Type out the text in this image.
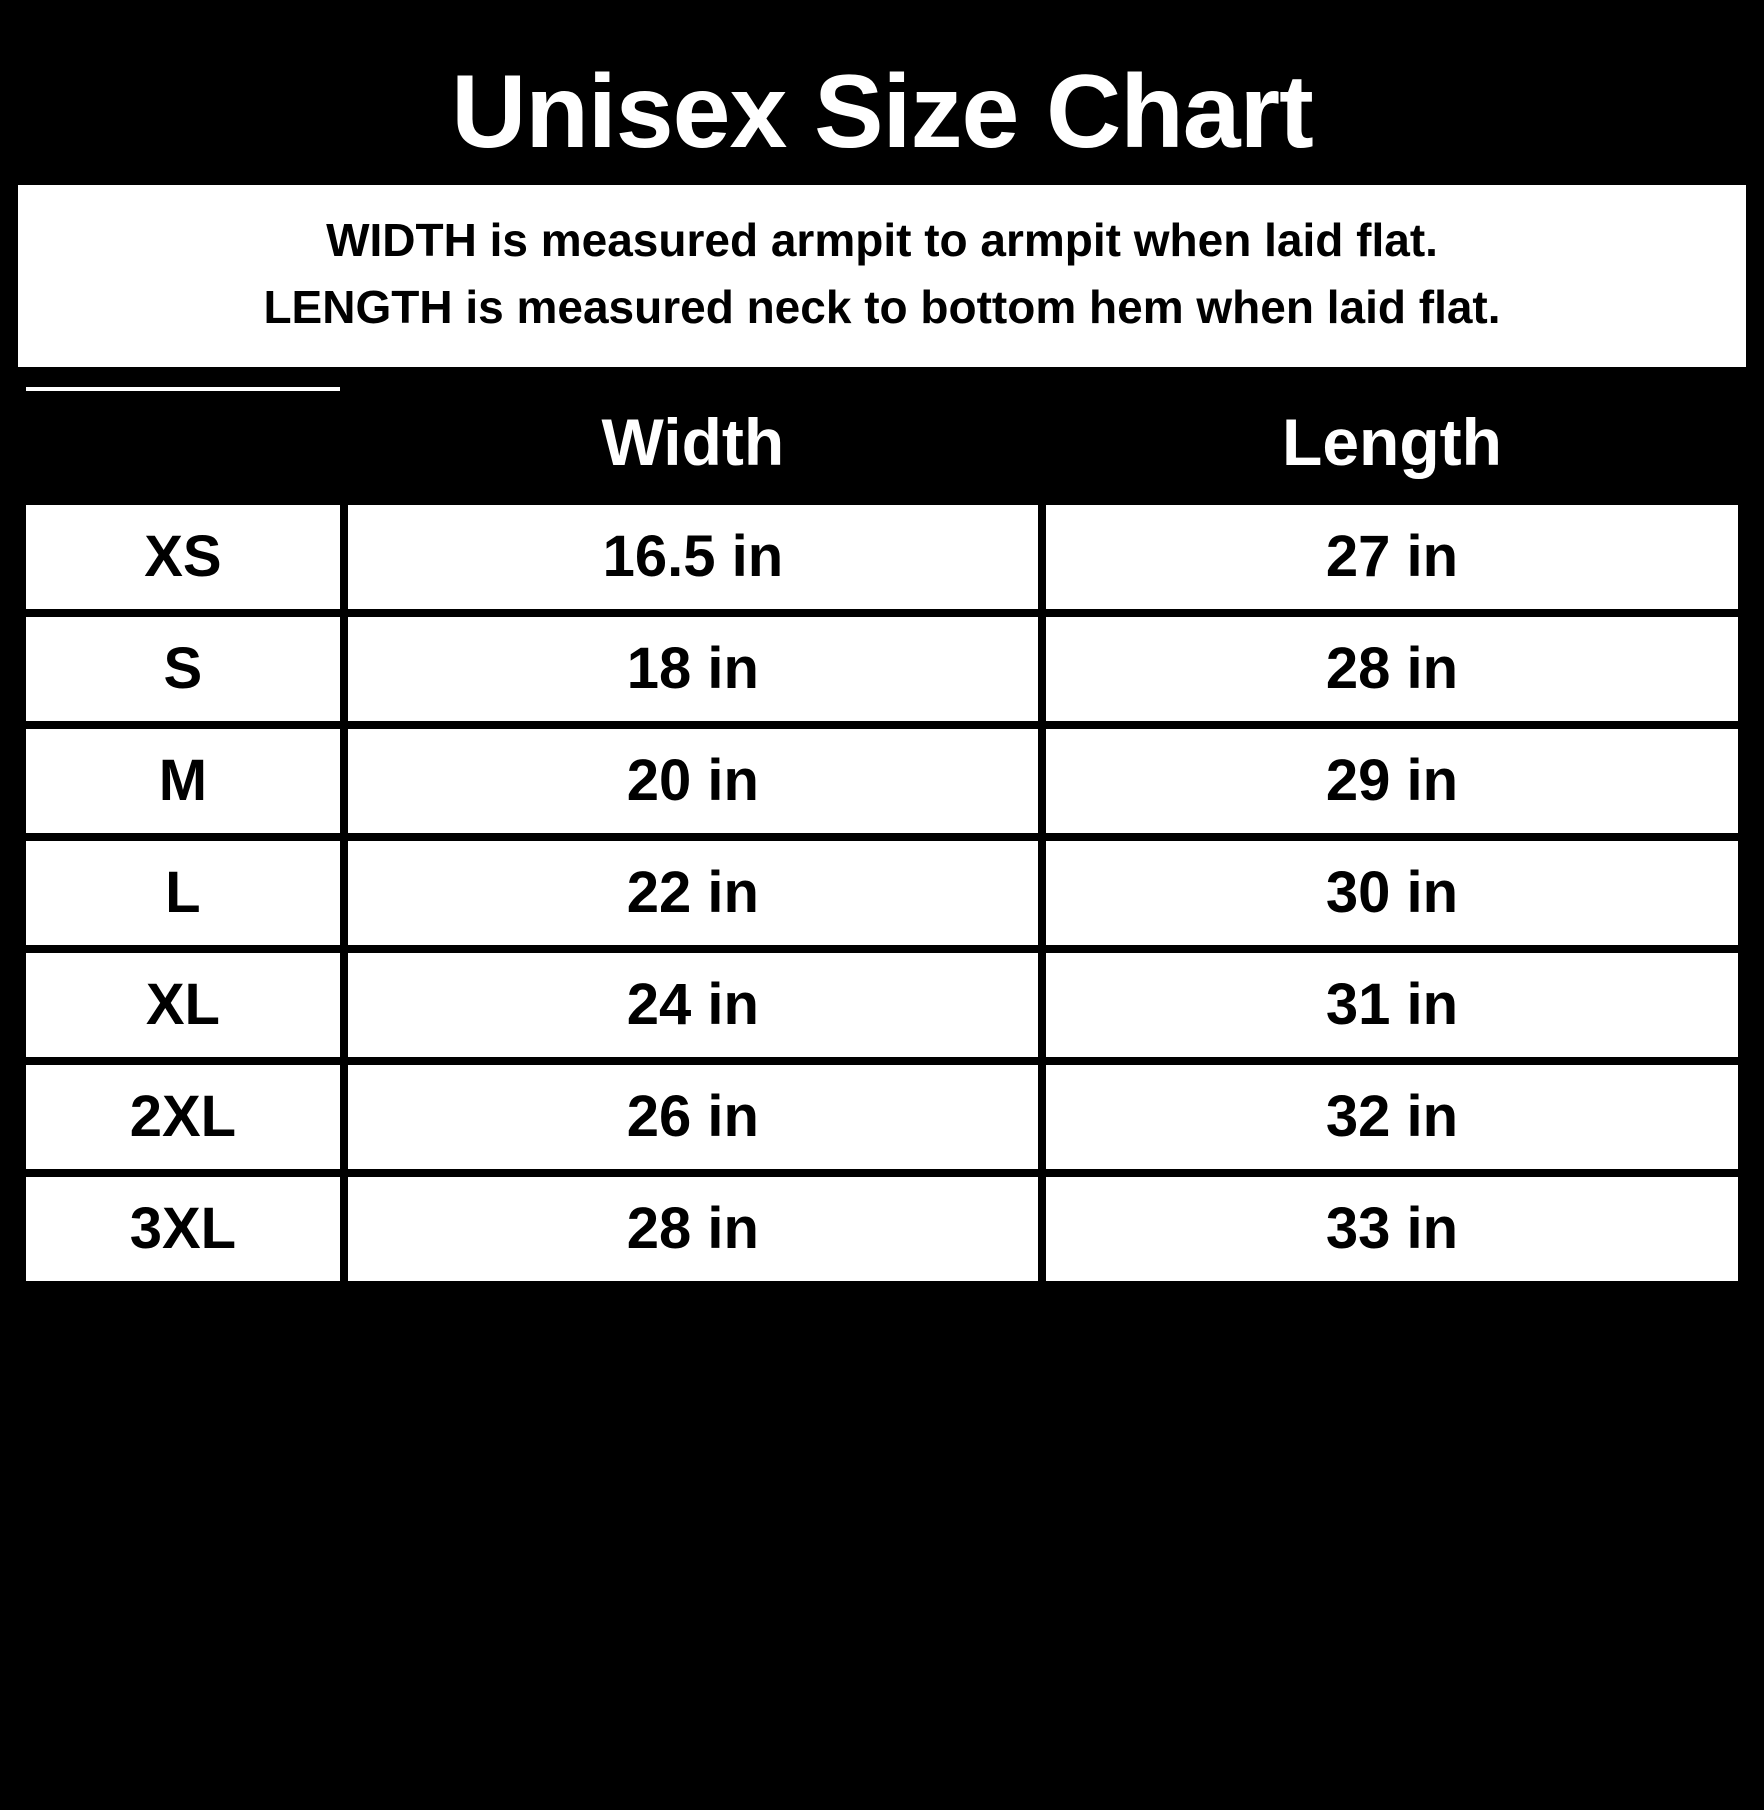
Unisex Size Chart
WIDTH is measured armpit to armpit when laid flat.
LENGTH is measured neck to bottom hem when laid flat.
	Width	Length
XS	16.5 in	27 in
S	18 in	28 in
M	20 in	29 in
L	22 in	30 in
XL	24 in	31 in
2XL	26 in	32 in
3XL	28 in	33 in
